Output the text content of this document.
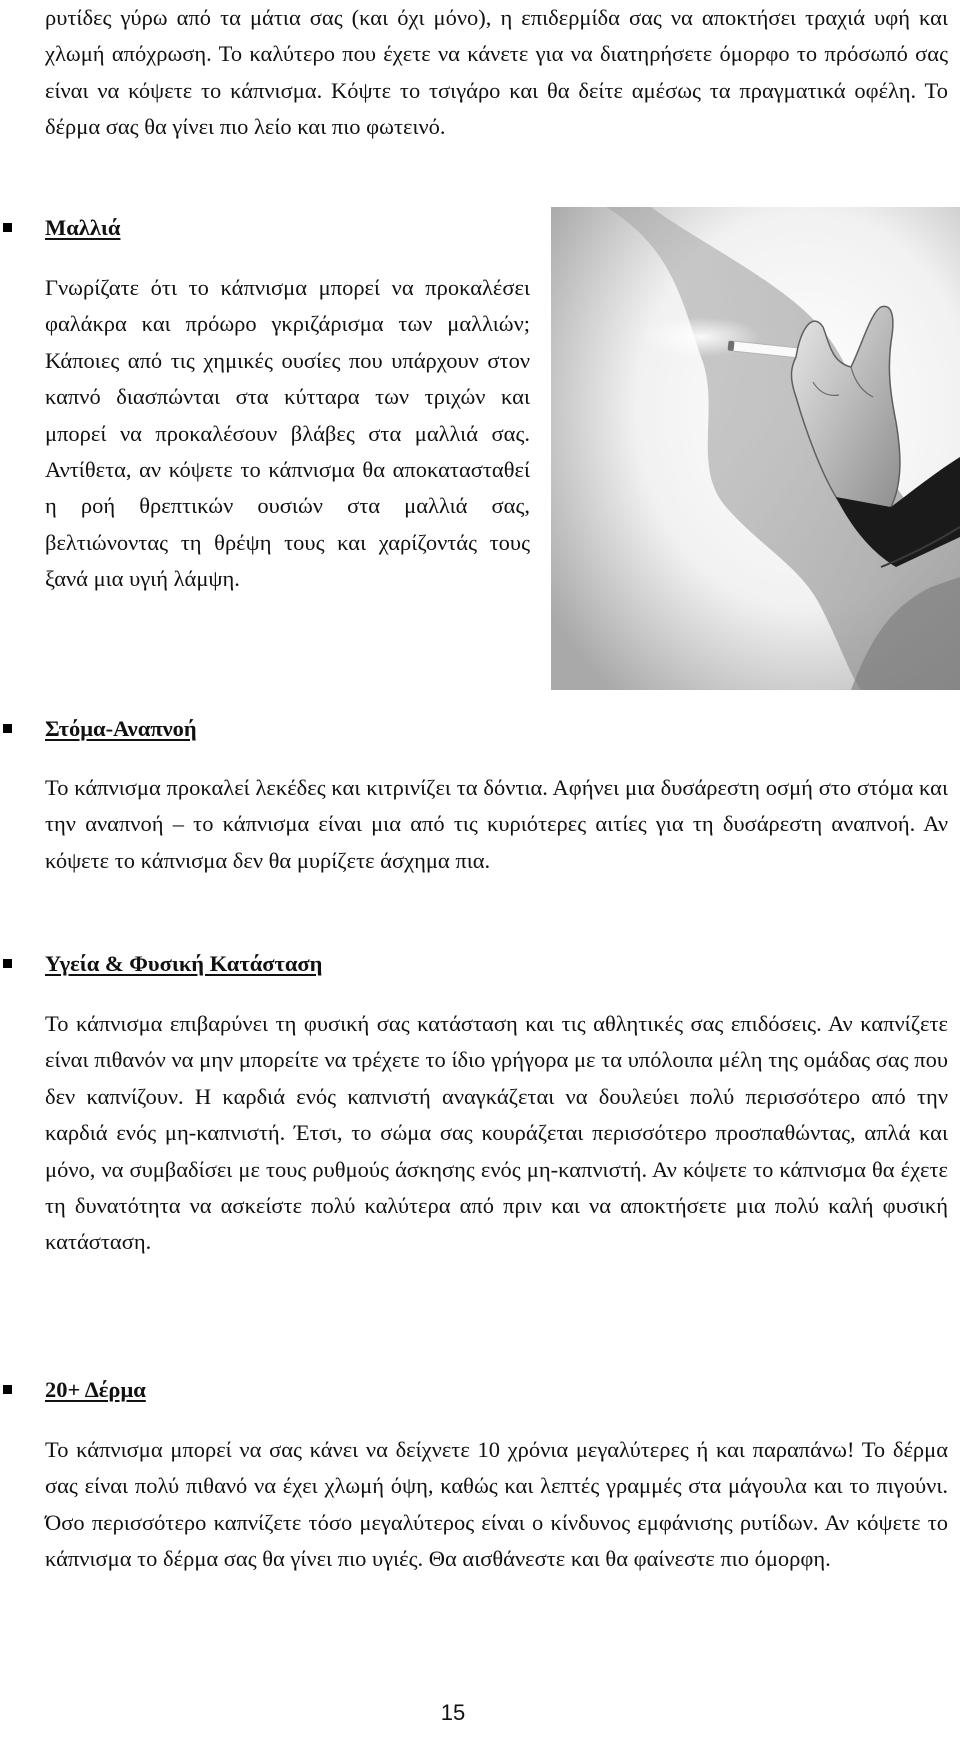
ρυτίδες γύρω από τα μάτια σας (και όχι μόνο), η επιδερμίδα σας να αποκτήσει τραχιά υφή και χλωμή απόχρωση. Το καλύτερο που έχετε να κάνετε για να διατηρήσετε όμορφο το πρόσωπό σας είναι να κόψετε το κάπνισμα. Κόψτε το τσιγάρο και θα δείτε αμέσως τα πραγματικά οφέλη. Το δέρμα σας θα γίνει πιο λείο και πιο φωτεινό.

Μαλλιά

Γνωρίζατε ότι το κάπνισμα μπορεί να προκαλέσει φαλάκρα και πρόωρο γκριζάρισμα των μαλλιών; Κάποιες από τις χημικές ουσίες που υπάρχουν στον καπνό διασπώνται στα κύτταρα των τριχών και μπορεί να προκαλέσουν βλάβες στα μαλλιά σας. Αντίθετα, αν κόψετε το κάπνισμα θα αποκατασταθεί η ροή θρεπτικών ουσιών στα μαλλιά σας, βελτιώνοντας τη θρέψη τους και χαρίζοντάς τους ξανά μια υγιή λάμψη.

Στόμα-Αναπνοή

Το κάπνισμα προκαλεί λεκέδες και κιτρινίζει τα δόντια. Αφήνει μια δυσάρεστη οσμή στο στόμα και την αναπνοή – το κάπνισμα είναι μια από τις κυριότερες αιτίες για τη δυσάρεστη αναπνοή. Αν κόψετε το κάπνισμα δεν θα μυρίζετε άσχημα πια.

Υγεία & Φυσική Κατάσταση

Το κάπνισμα επιβαρύνει τη φυσική σας κατάσταση και τις αθλητικές σας επιδόσεις. Αν καπνίζετε είναι πιθανόν να μην μπορείτε να τρέχετε το ίδιο γρήγορα με τα υπόλοιπα μέλη της ομάδας σας που δεν καπνίζουν. Η καρδιά ενός καπνιστή αναγκάζεται να δουλεύει πολύ περισσότερο από την καρδιά ενός μη-καπνιστή. Έτσι, το σώμα σας κουράζεται περισσότερο προσπαθώντας, απλά και μόνο, να συμβαδίσει με τους ρυθμούς άσκησης ενός μη-καπνιστή. Αν κόψετε το κάπνισμα θα έχετε τη δυνατότητα να ασκείστε πολύ καλύτερα από πριν και να αποκτήσετε μια πολύ καλή φυσική κατάσταση.

20+ Δέρμα

Το κάπνισμα μπορεί να σας κάνει να δείχνετε 10 χρόνια μεγαλύτερες ή και παραπάνω! Το δέρμα σας είναι πολύ πιθανό να έχει χλωμή όψη, καθώς και λεπτές γραμμές στα μάγουλα και το πιγούνι. Όσο περισσότερο καπνίζετε τόσο μεγαλύτερος είναι ο κίνδυνος εμφάνισης ρυτίδων. Αν κόψετε το κάπνισμα το δέρμα σας θα γίνει πιο υγιές. Θα αισθάνεστε και θα φαίνεστε πιο όμορφη.

15
